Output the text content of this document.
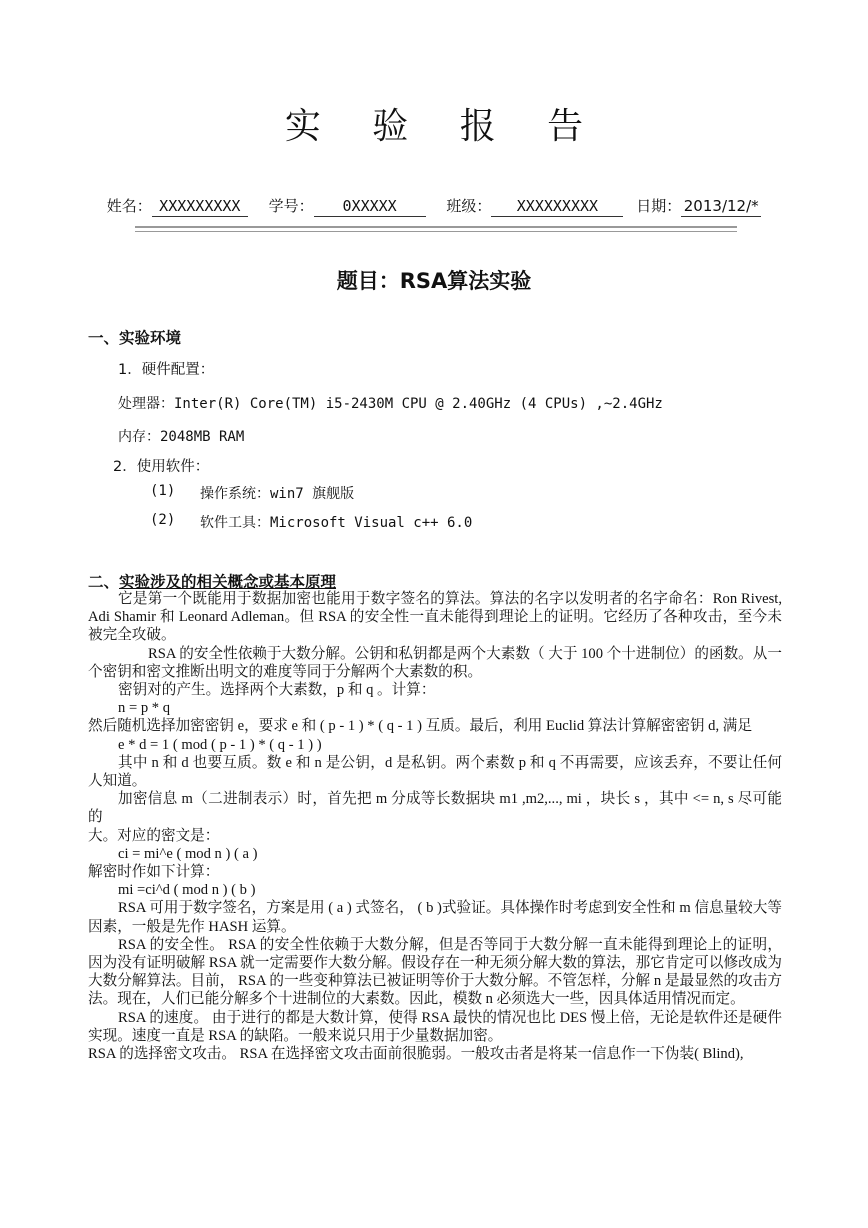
实 验 报 告
姓名： XXXXXXXXX 学号： 0XXXXX	班级： XXXXXXXXX	日期： 2013/12/*
题目：RSA算法实验
一、实验环境
1．硬件配置：
处理器：Inter(R) Core(TM) i5-2430M CPU @ 2.40GHz (4 CPUs) ,~2.4GHz
内存：2048MB RAM
2．使用软件：
(1) 操作系统：win7 旗舰版
(2) 软件工具：Microsoft Visual c++ 6.0
二、实验涉及的相关概念或基本原理

它是第一个既能用于数据加密也能用于数字签名的算法。算法的名字以发明者的名字命名：Ron Rivest, Adi Shamir 和 Leonard Adleman。但 RSA 的安全性一直未能得到理论上的证明。它经历了各种攻击，至今未被完全攻破。

RSA 的安全性依赖于大数分解。公钥和私钥都是两个大素数（ 大于 100 个十进制位）的函数。从一个密钥和密文推断出明文的难度等同于分解两个大素数的积。

密钥对的产生。选择两个大素数，p 和 q 。计算：

n = p * q

然后随机选择加密密钥 e，要求 e 和 ( p - 1 ) * ( q - 1 ) 互质。最后，利用 Euclid 算法计算解密密钥 d, 满足

e * d = 1 ( mod ( p - 1 ) * ( q - 1 ) )

其中 n 和 d 也要互质。数 e 和 n 是公钥，d 是私钥。两个素数 p 和 q 不再需要，应该丢弃，不要让任何人知道。

加密信息 m（二进制表示）时，首先把 m 分成等长数据块 m1 ,m2,..., mi ，块长 s ，其中 <= n, s 尽可能的

大。对应的密文是：

ci = mi^e ( mod n ) ( a )

解密时作如下计算：

mi =ci^d ( mod n ) ( b )

RSA 可用于数字签名，方案是用 ( a ) 式签名， ( b )式验证。具体操作时考虑到安全性和 m 信息量较大等因素，一般是先作 HASH 运算。

RSA 的安全性。 RSA 的安全性依赖于大数分解，但是否等同于大数分解一直未能得到理论上的证明，因为没有证明破解 RSA 就一定需要作大数分解。假设存在一种无须分解大数的算法，那它肯定可以修改成为大数分解算法。目前， RSA 的一些变种算法已被证明等价于大数分解。不管怎样，分解 n 是最显然的攻击方法。现在，人们已能分解多个十进制位的大素数。因此，模数 n 必须选大一些，因具体适用情况而定。

RSA 的速度。 由于进行的都是大数计算，使得 RSA 最快的情况也比 DES 慢上倍，无论是软件还是硬件实现。速度一直是 RSA 的缺陷。一般来说只用于少量数据加密。

RSA 的选择密文攻击。 RSA 在选择密文攻击面前很脆弱。一般攻击者是将某一信息作一下伪装( Blind),
